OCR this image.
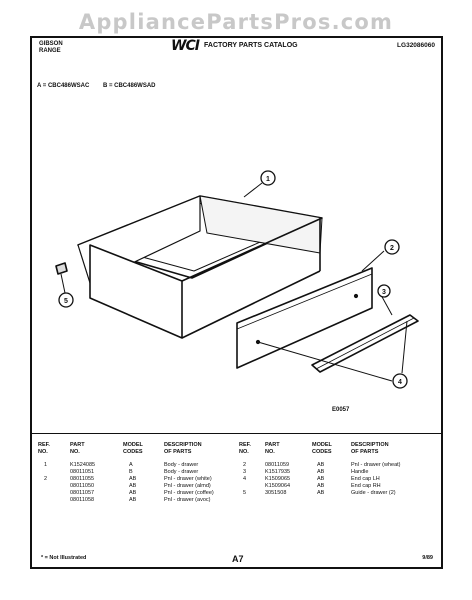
AppliancePartsPros.com
GIBSON
RANGE	WCI FACTORY PARTS CATALOG	LG32086060
A = CBC486WSAC B = CBC486WSAD
1
2
3
4
5
E0057
REF.
NO.
PART
NO.
MODEL
CODES
DESCRIPTION
OF PARTS
1	K1524085	A	Body - drawer
08011051	B	Body - drawer
2	08011055	AB	Pnl - drawer (white)
08011050	AB	Pnl - drawer (almd)
08011057	AB	Pnl - drawer (coffee)
08011058	AB	Pnl - drawer (avoc)
REF.
NO.
PART
NO.
MODEL
CODES
DESCRIPTION
OF PARTS
2	08011059	AB	Pnl - drawer (wheat)
3	K1517935	AB	Handle
4	K1509065	AB	End cap LH
K1509064	AB	End cap RH
5	3051508	AB	Guide - drawer (2)
* = Not Illustrated	A7	9/89
